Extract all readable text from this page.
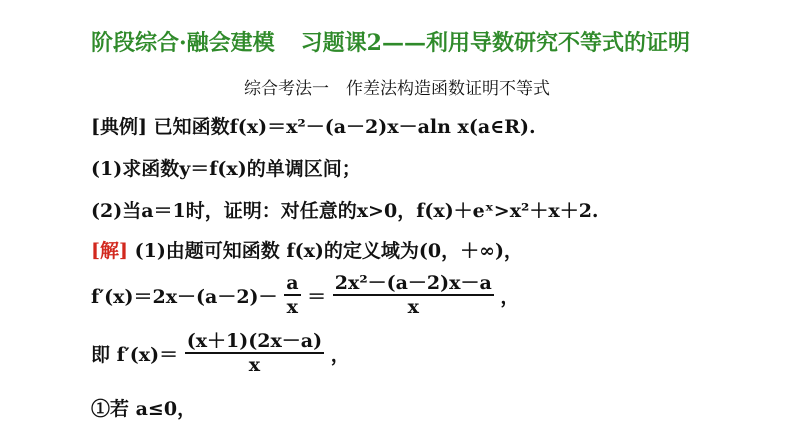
阶段综合·融会建模 习题课2——利用导数研究不等式的证明
综合考法一　作差法构造函数证明不等式
[典例] 已知函数f(x)＝x²－(a－2)x－aln x(a∈R).
(1)求函数y＝f(x)的单调区间；
(2)当a＝1时，证明：对任意的x>0，f(x)＋eˣ>x²＋x＋2.
[解] (1)由题可知函数 f(x)的定义域为(0，＋∞)，
$f'(x)=2x-(a-2)- \frac{a}{x} = \frac{\text{2x²－(a－2)x－a}}{x}$ ，
即 $f'(x)= \frac{(x+1)(2x-a)}{x}$ ，
①若 a≤0，
